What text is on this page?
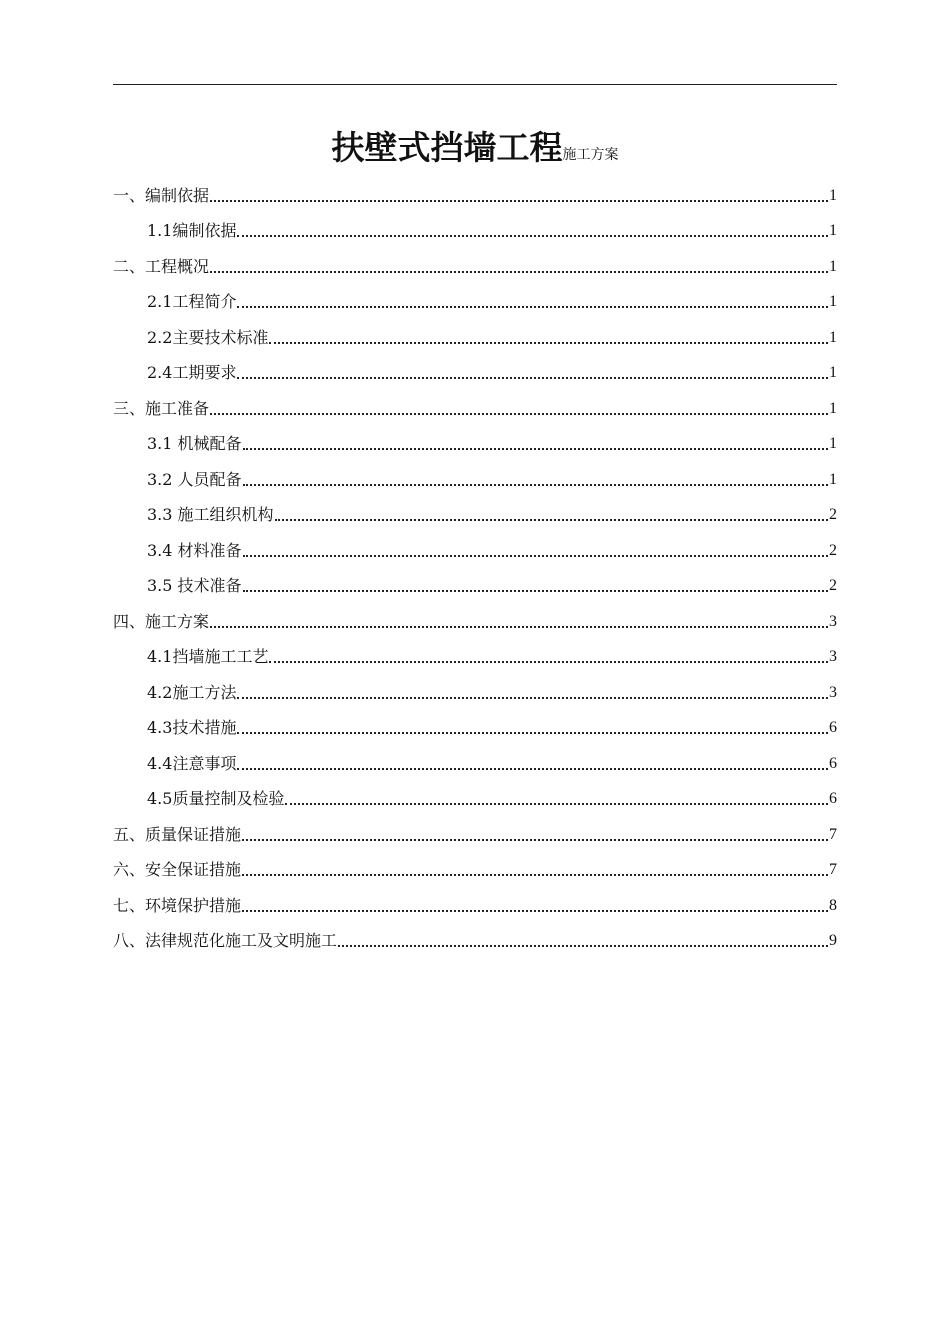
扶壁式挡墙工程施工方案
一、编制依据	1
1.1编制依据	1
二、工程概况	1
2.1工程简介	1
2.2主要技术标准	1
2.4工期要求	1
三、施工准备	1
3.1 机械配备	1
3.2 人员配备	1
3.3 施工组织机构	2
3.4 材料准备	2
3.5 技术准备	2
四、施工方案	3
4.1挡墙施工工艺	3
4.2施工方法	3
4.3技术措施	6
4.4注意事项	6
4.5质量控制及检验	6
五、质量保证措施	7
六、安全保证措施	7
七、环境保护措施	8
八、法律规范化施工及文明施工	9
